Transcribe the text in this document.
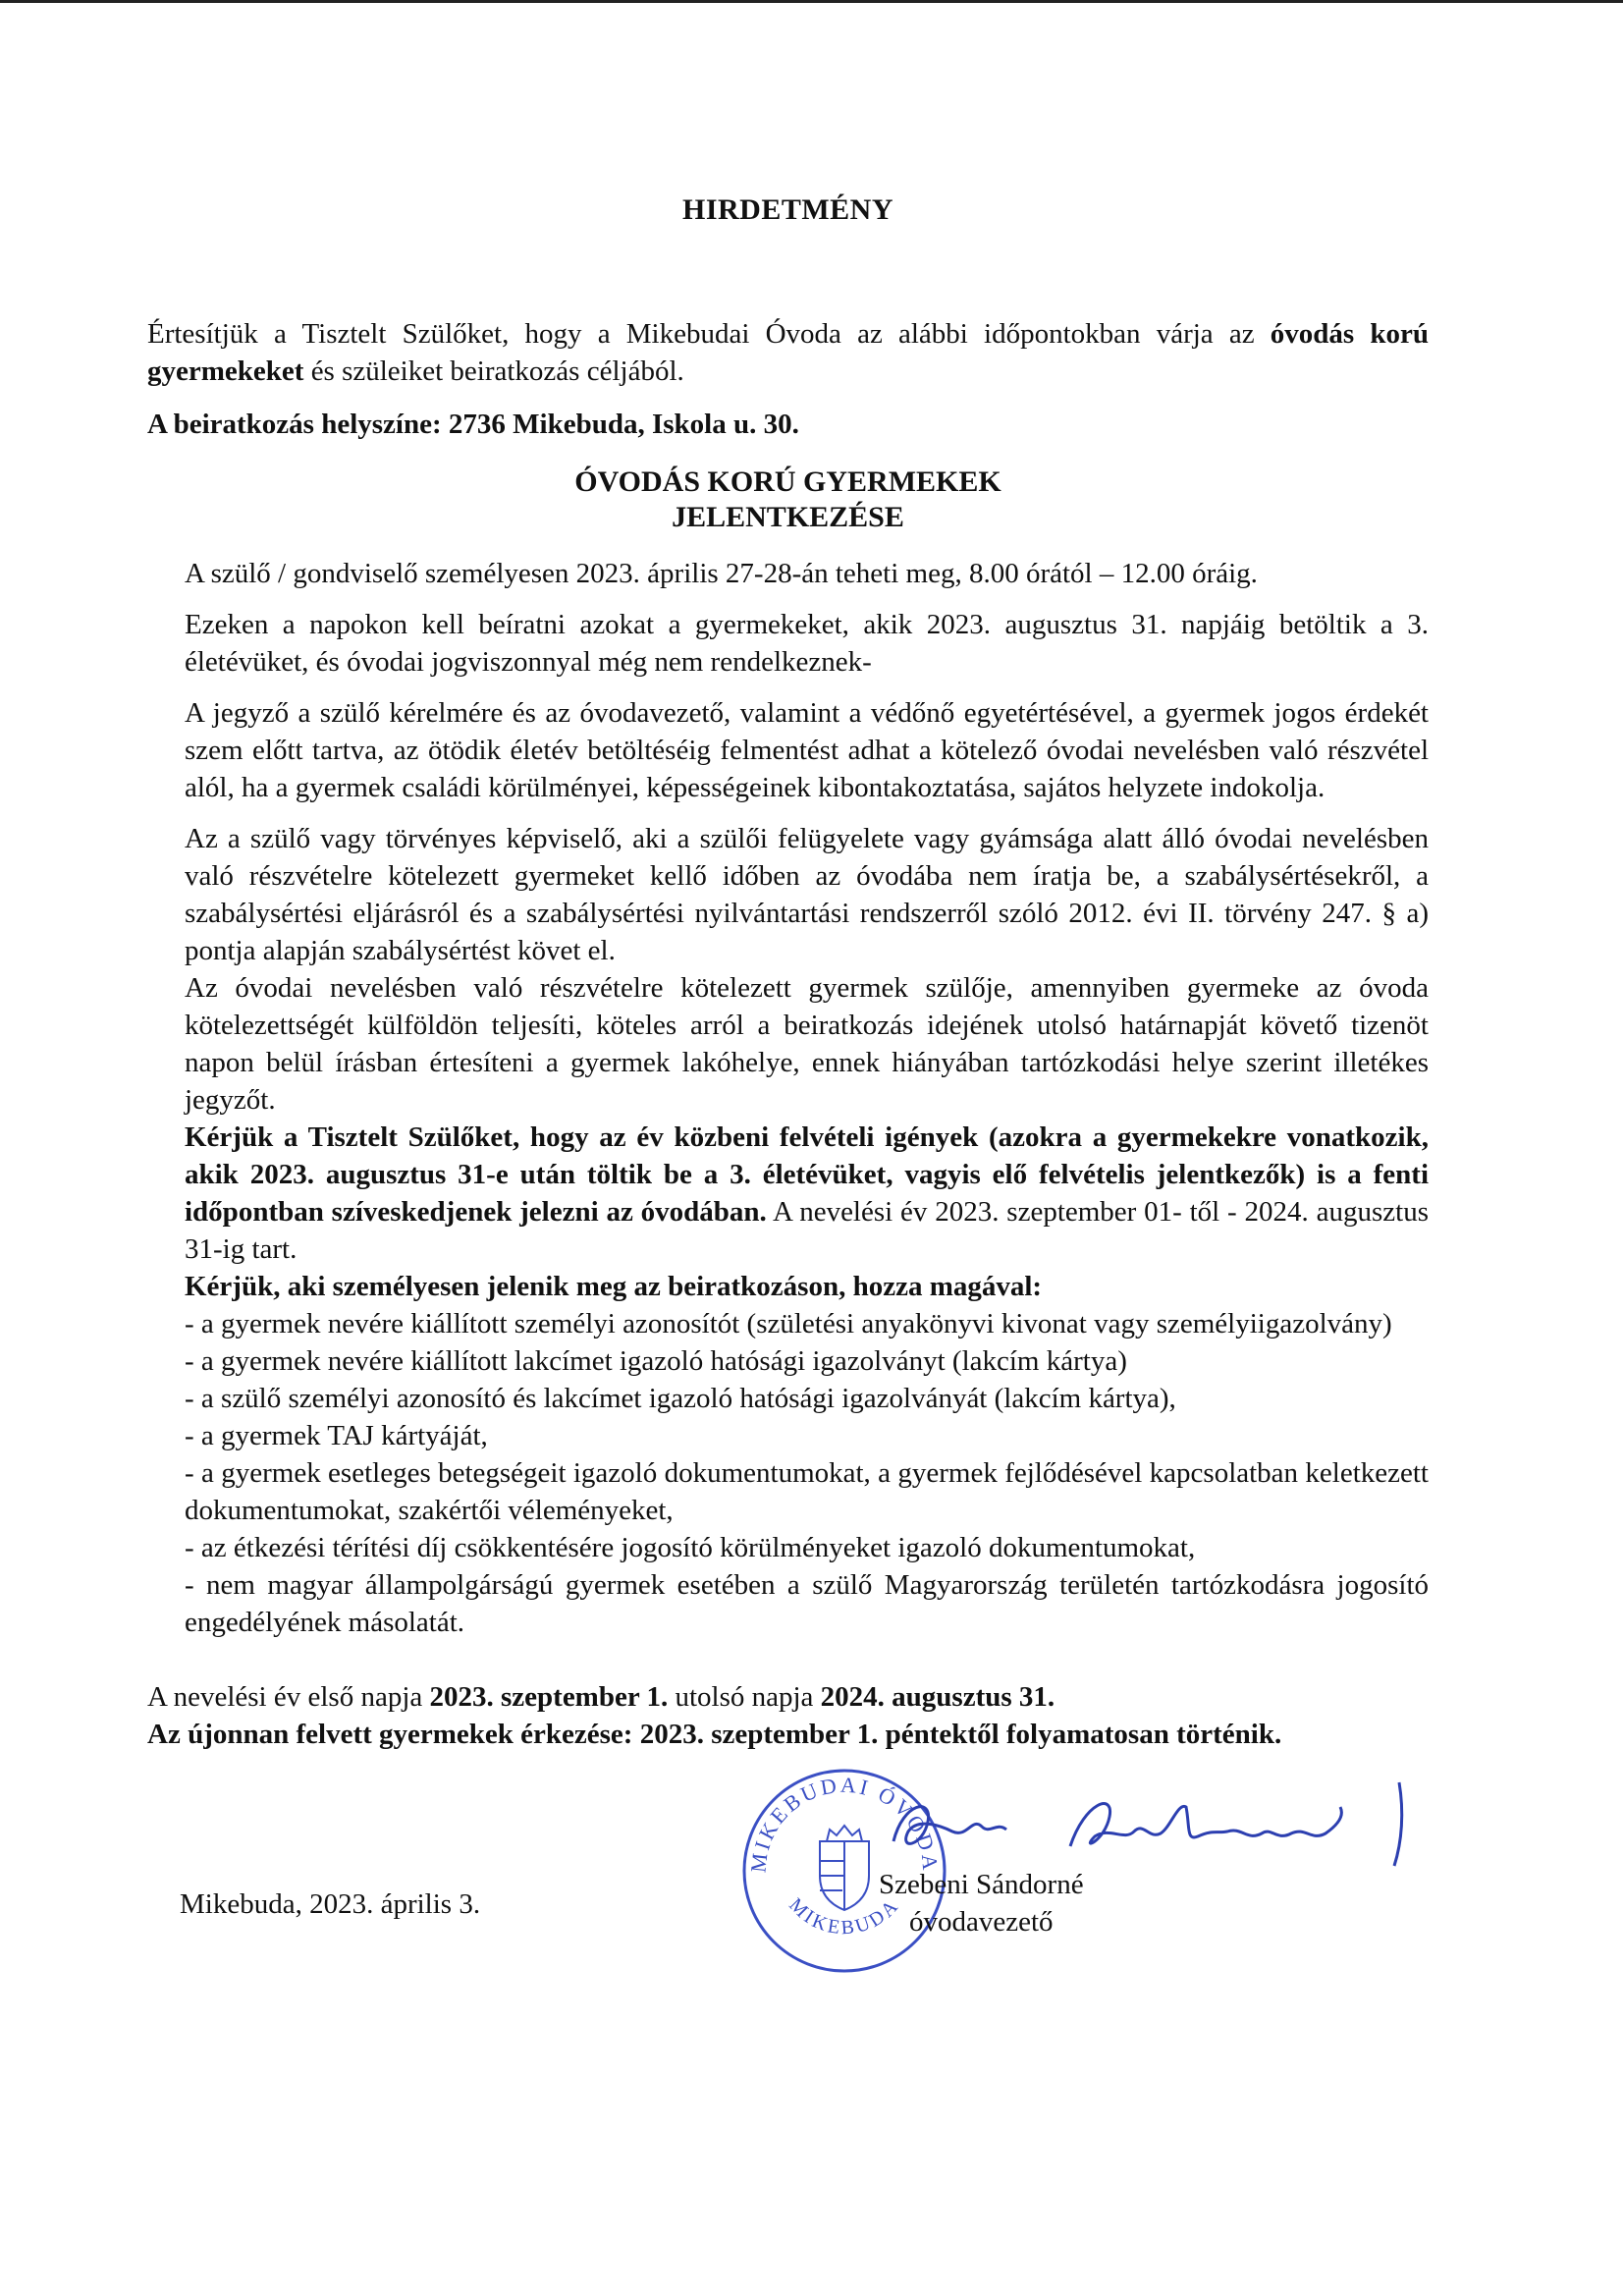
HIRDETMÉNY

Értesítjük a Tisztelt Szülőket, hogy a Mikebudai Óvoda az alábbi időpontokban várja az óvodás korú gyermekeket és szüleiket beiratkozás céljából.

A beiratkozás helyszíne: 2736 Mikebuda, Iskola u. 30.

ÓVODÁS KORÚ GYERMEKEK
JELENTKEZÉSE

A szülő / gondviselő személyesen 2023. április 27-28-án teheti meg, 8.00 órától – 12.00 óráig.

Ezeken a napokon kell beíratni azokat a gyermekeket, akik 2023. augusztus 31. napjáig betöltik a 3. életévüket, és óvodai jogviszonnyal még nem rendelkeznek-

A jegyző a szülő kérelmére és az óvodavezető, valamint a védőnő egyetértésével, a gyermek jogos érdekét szem előtt tartva, az ötödik életév betöltéséig felmentést adhat a kötelező óvodai nevelésben való részvétel alól, ha a gyermek családi körülményei, képességeinek kibontakoztatása, sajátos helyzete indokolja.

Az a szülő vagy törvényes képviselő, aki a szülői felügyelete vagy gyámsága alatt álló óvodai nevelésben való részvételre kötelezett gyermeket kellő időben az óvodába nem íratja be, a szabálysértésekről, a szabálysértési eljárásról és a szabálysértési nyilvántartási rendszerről szóló 2012. évi II. törvény 247. § a) pontja alapján szabálysértést követ el.

Az óvodai nevelésben való részvételre kötelezett gyermek szülője, amennyiben gyermeke az óvoda kötelezettségét külföldön teljesíti, köteles arról a beiratkozás idejének utolsó határnapját követő tizenöt napon belül írásban értesíteni a gyermek lakóhelye, ennek hiányában tartózkodási helye szerint illetékes jegyzőt.

Kérjük a Tisztelt Szülőket, hogy az év közbeni felvételi igények (azokra a gyermekekre vonatkozik, akik 2023. augusztus 31-e után töltik be a 3. életévüket, vagyis elő felvételis jelentkezők) is a fenti időpontban szíveskedjenek jelezni az óvodában. A nevelési év 2023. szeptember 01- től - 2024. augusztus 31-ig tart.

Kérjük, aki személyesen jelenik meg az beiratkozáson, hozza magával:

- a gyermek nevére kiállított személyi azonosítót (születési anyakönyvi kivonat vagy személyiigazolvány)

- a gyermek nevére kiállított lakcímet igazoló hatósági igazolványt (lakcím kártya)

- a szülő személyi azonosító és lakcímet igazoló hatósági igazolványát (lakcím kártya),

- a gyermek TAJ kártyáját,

- a gyermek esetleges betegségeit igazoló dokumentumokat, a gyermek fejlődésével kapcsolatban keletkezett dokumentumokat, szakértői véleményeket,

- az étkezési térítési díj csökkentésére jogosító körülményeket igazoló dokumentumokat,

- nem magyar állampolgárságú gyermek esetében a szülő Magyarország területén tartózkodásra jogosító engedélyének másolatát.

A nevelési év első napja 2023. szeptember 1. utolsó napja 2024. augusztus 31.

Az újonnan felvett gyermekek érkezése: 2023. szeptember 1. péntektől folyamatosan történik.

Mikebuda, 2023. április 3.
MIKEBUDAI ÓVODA
MIKEBUDA
Szebeni Sándorné
óvodavezető
